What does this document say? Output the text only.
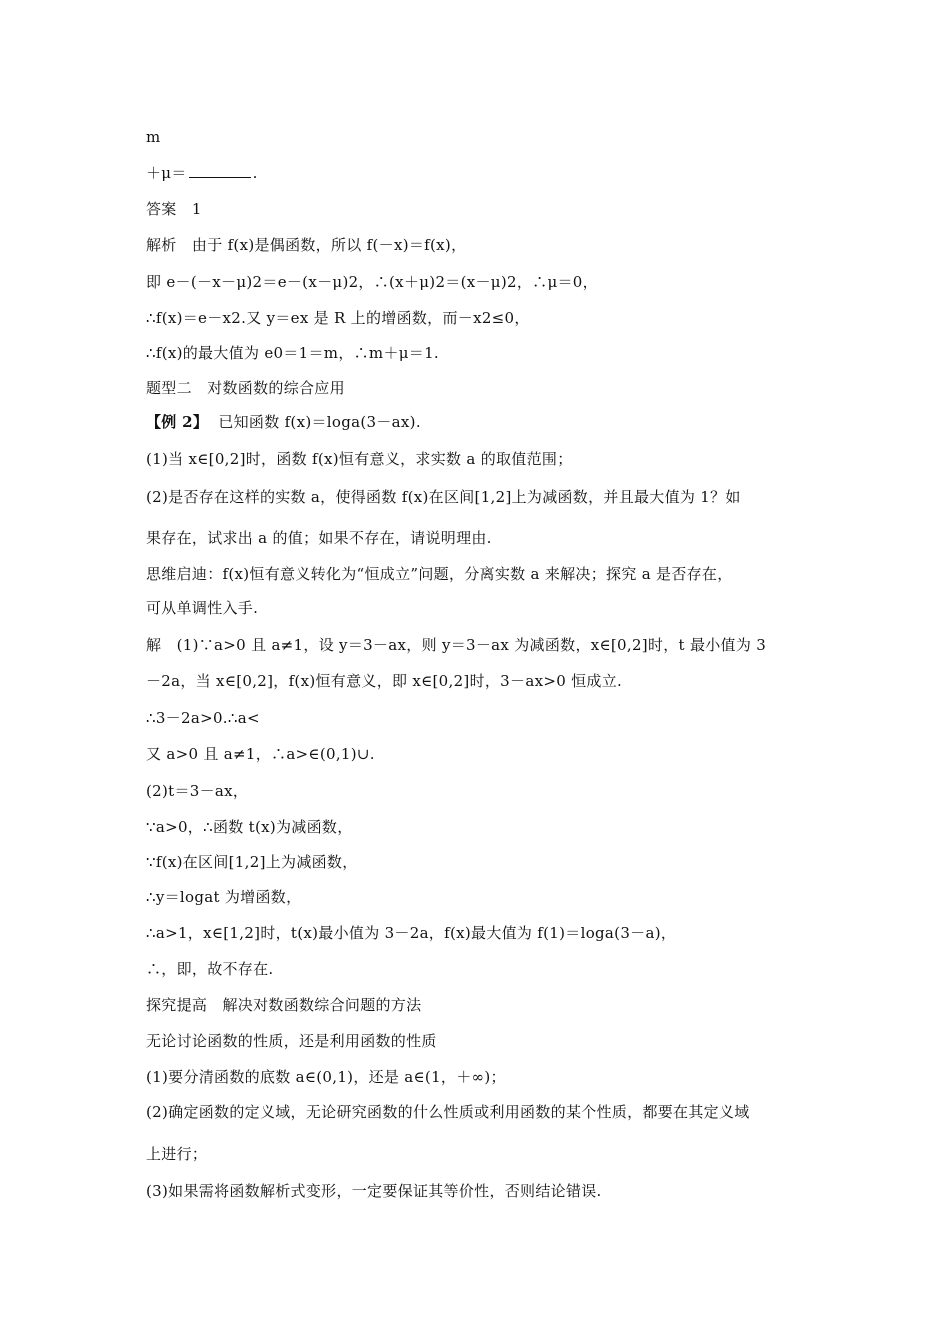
m
＋μ＝	.
答案　1
解析　由于 f(x)是偶函数，所以 f(－x)＝f(x)，
即 e－(－x－μ)2＝e－(x－μ)2，∴(x＋μ)2＝(x－μ)2，∴μ＝0，
∴f(x)＝e－x2.又 y＝ex 是 R 上的增函数，而－x2≤0，
∴f(x)的最大值为 e0＝1＝m，∴m＋μ＝1.
题型二　对数函数的综合应用
【例 2】 已知函数 f(x)＝loga(3－ax).
(1)当 x∈[0,2]时，函数 f(x)恒有意义，求实数 a 的取值范围；
(2)是否存在这样的实数 a，使得函数 f(x)在区间[1,2]上为减函数，并且最大值为 1？如
果存在，试求出 a 的值；如果不存在，请说明理由.
思维启迪：f(x)恒有意义转化为“恒成立”问题，分离实数 a 来解决；探究 a 是否存在，
可从单调性入手.
解　(1)∵a>0 且 a≠1，设 y＝3－ax，则 y＝3－ax 为减函数，x∈[0,2]时，t 最小值为 3
－2a，当 x∈[0,2]，f(x)恒有意义，即 x∈[0,2]时，3－ax>0 恒成立.
∴3－2a>0.∴a<
又 a>0 且 a≠1，∴a>∈(0,1)∪.
(2)t＝3－ax，
∵a>0，∴函数 t(x)为减函数，
∵f(x)在区间[1,2]上为减函数，
∴y＝logat 为增函数，
∴a>1，x∈[1,2]时，t(x)最小值为 3－2a，f(x)最大值为 f(1)＝loga(3－a)，
∴，即，故不存在.
探究提高　解决对数函数综合问题的方法
无论讨论函数的性质，还是利用函数的性质
(1)要分清函数的底数 a∈(0,1)，还是 a∈(1，＋∞)；
(2)确定函数的定义域，无论研究函数的什么性质或利用函数的某个性质，都要在其定义域
上进行；
(3)如果需将函数解析式变形，一定要保证其等价性，否则结论错误.
